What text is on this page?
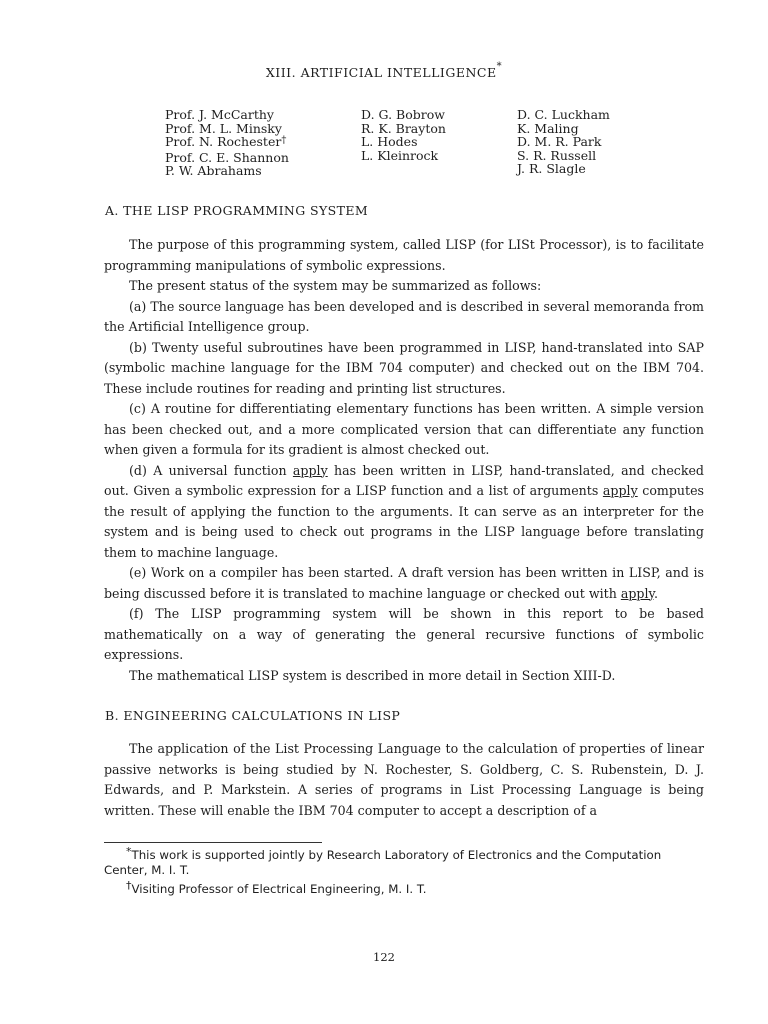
XIII. ARTIFICIAL INTELLIGENCE*
Prof. J. McCarthy
Prof. M. L. Minsky
Prof. N. Rochester†
Prof. C. E. Shannon
P. W. Abrahams
D. G. Bobrow
R. K. Brayton
L. Hodes
L. Kleinrock
D. C. Luckham
K. Maling
D. M. R. Park
S. R. Russell
J. R. Slagle
A. THE LISP PROGRAMMING SYSTEM

The purpose of this programming system, called LISP (for LISt Processor), is to facilitate programming manipulations of symbolic expressions.

The present status of the system may be summarized as follows:

(a) The source language has been developed and is described in several memoranda from the Artificial Intelligence group.

(b) Twenty useful subroutines have been programmed in LISP, hand-translated into SAP (symbolic machine language for the IBM 704 computer) and checked out on the IBM 704. These include routines for reading and printing list structures.

(c) A routine for differentiating elementary functions has been written. A simple version has been checked out, and a more complicated version that can differentiate any function when given a formula for its gradient is almost checked out.

(d) A universal function apply has been written in LISP, hand-translated, and checked out. Given a symbolic expression for a LISP function and a list of arguments apply computes the result of applying the function to the arguments. It can serve as an interpreter for the system and is being used to check out programs in the LISP language before translating them to machine language.

(e) Work on a compiler has been started. A draft version has been written in LISP, and is being discussed before it is translated to machine language or checked out with apply.

(f) The LISP programming system will be shown in this report to be based mathematically on a way of generating the general recursive functions of symbolic expressions.

The mathematical LISP system is described in more detail in Section XIII-D.

B. ENGINEERING CALCULATIONS IN LISP

The application of the List Processing Language to the calculation of properties of linear passive networks is being studied by N. Rochester, S. Goldberg, C. S. Rubenstein, D. J. Edwards, and P. Markstein. A series of programs in List Processing Language is being written. These will enable the IBM 704 computer to accept a description of a

*This work is supported jointly by Research Laboratory of Electronics and the Computation Center, M. I. T.

†Visiting Professor of Electrical Engineering, M. I. T.

122
